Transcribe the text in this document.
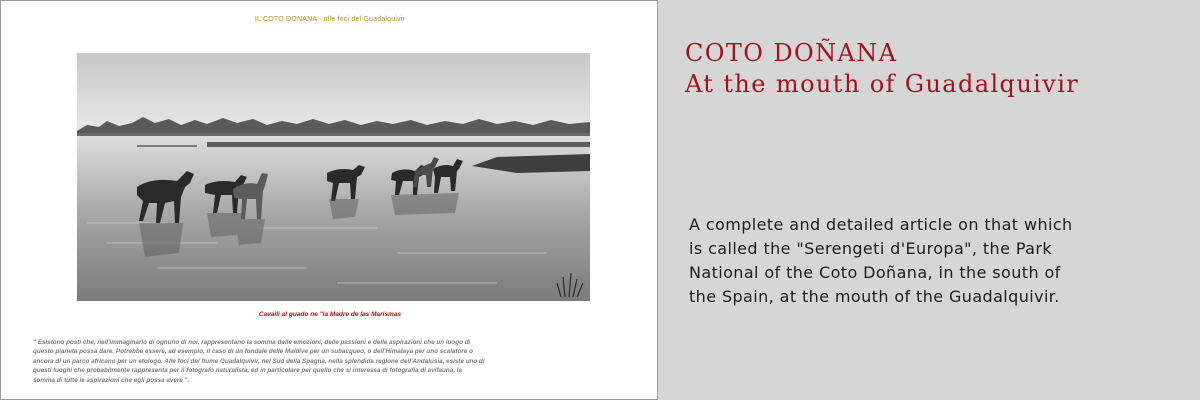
IL COTO DONANA - alle foci del Guadalquivir
Cavalli al guado ne "la Madre de las Marismas
" Esistono posti che, nell'immaginario di ognuno di noi, rappresentano la somma delle emozioni, delle passioni e delle aspirazioni che un luogo di
questo pianeta possa dare. Potrebbe essere, ad esempio, il caso di un fondale delle Maldive per un subacqueo, o dell'Himalaya per uno scalatore o
ancora di un parco africano per un etologo. Alle foci del fiume Guadalquivir, nel Sud della Spagna, nella splendida regione dell'Andalusia, esiste uno di
questi luoghi che probabilmente rappresenta per il fotografo naturalista, ed in particolare per quello che si interessa di fotografia di avifauna, la
somma di tutte le aspirazioni che egli possa avere ".
COTO DOÑANA
At the mouth of Guadalquivir
A complete and detailed article on that which
is called the "Serengeti d'Europa", the Park
National of the Coto Doñana, in the south of
the Spain, at the mouth of the Guadalquivir.
